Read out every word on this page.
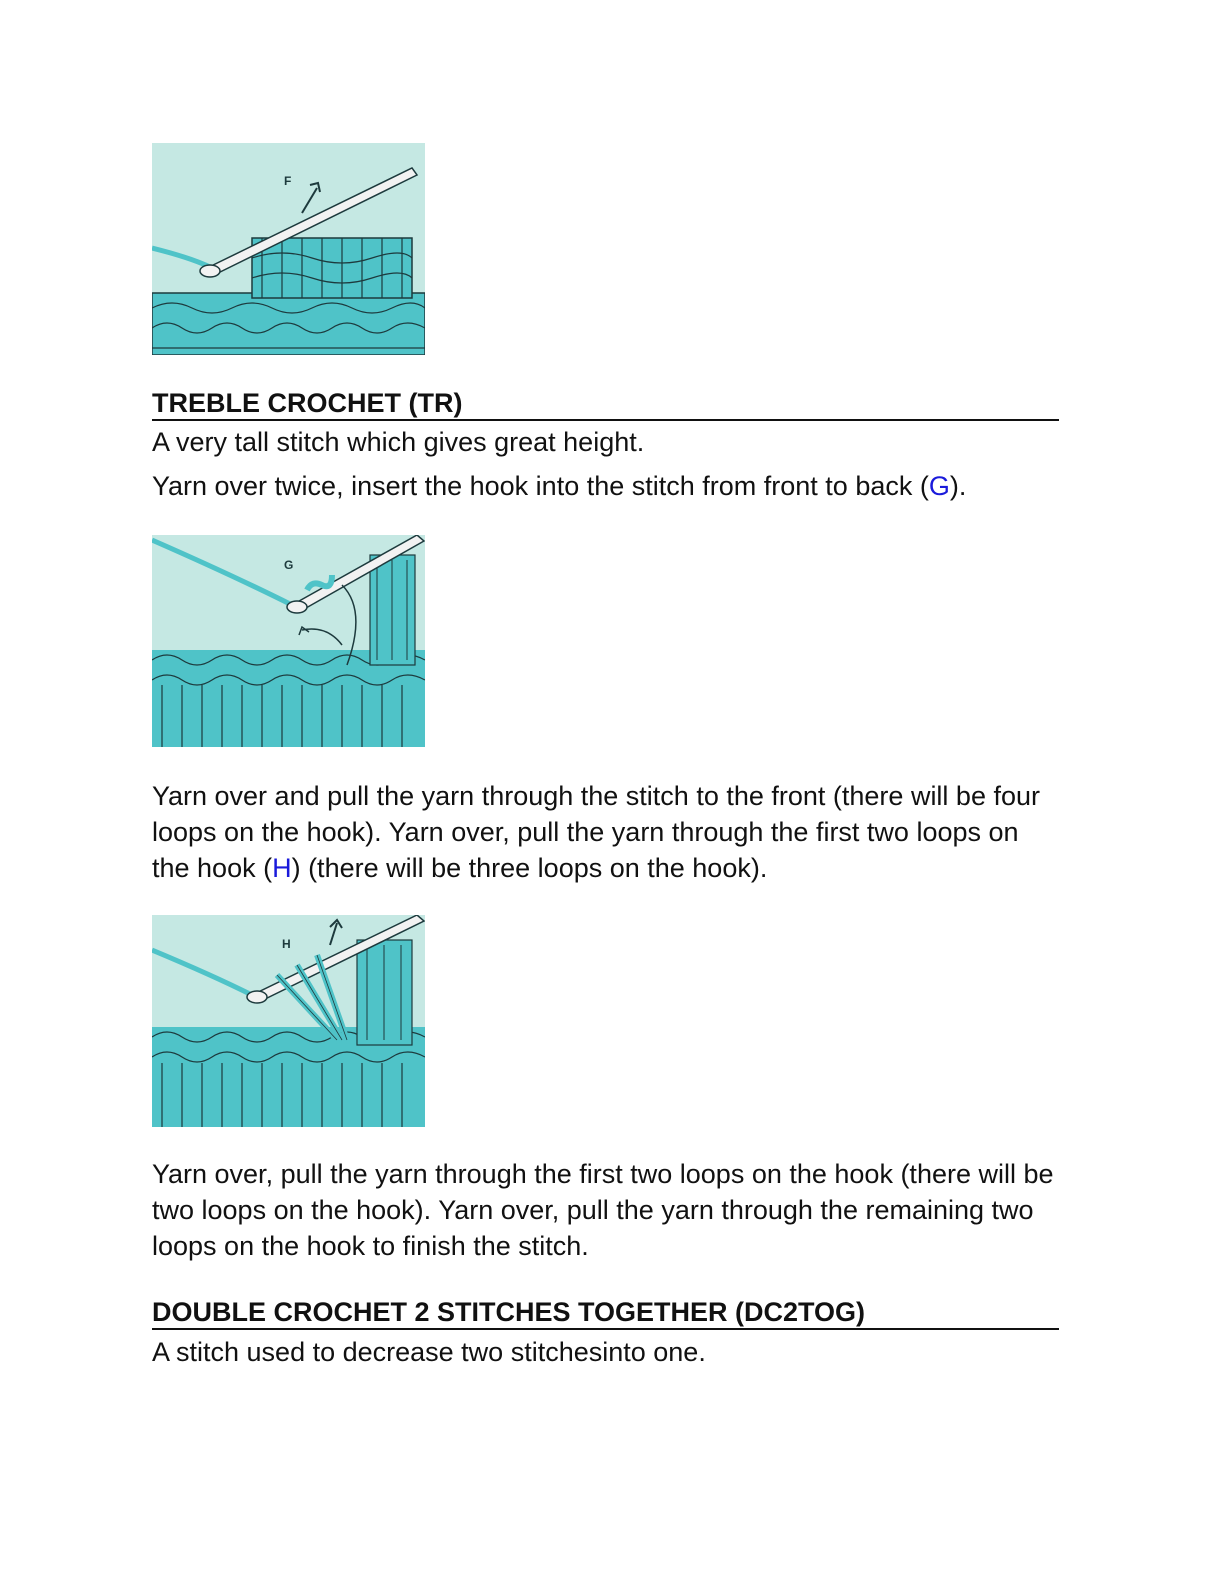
F
TREBLE CROCHET (TR)

A very tall stitch which gives great height.

Yarn over twice, insert the hook into the stitch from front to back (G).

G

Yarn over and pull the yarn through the stitch to the front (there will be four loops on the hook). Yarn over, pull the yarn through the first two loops on the hook (H) (there will be three loops on the hook).

H

Yarn over, pull the yarn through the first two loops on the hook (there will be two loops on the hook). Yarn over, pull the yarn through the remaining two loops on the hook to finish the stitch.

DOUBLE CROCHET 2 STITCHES TOGETHER (DC2TOG)

A stitch used to decrease two stitchesinto one.
